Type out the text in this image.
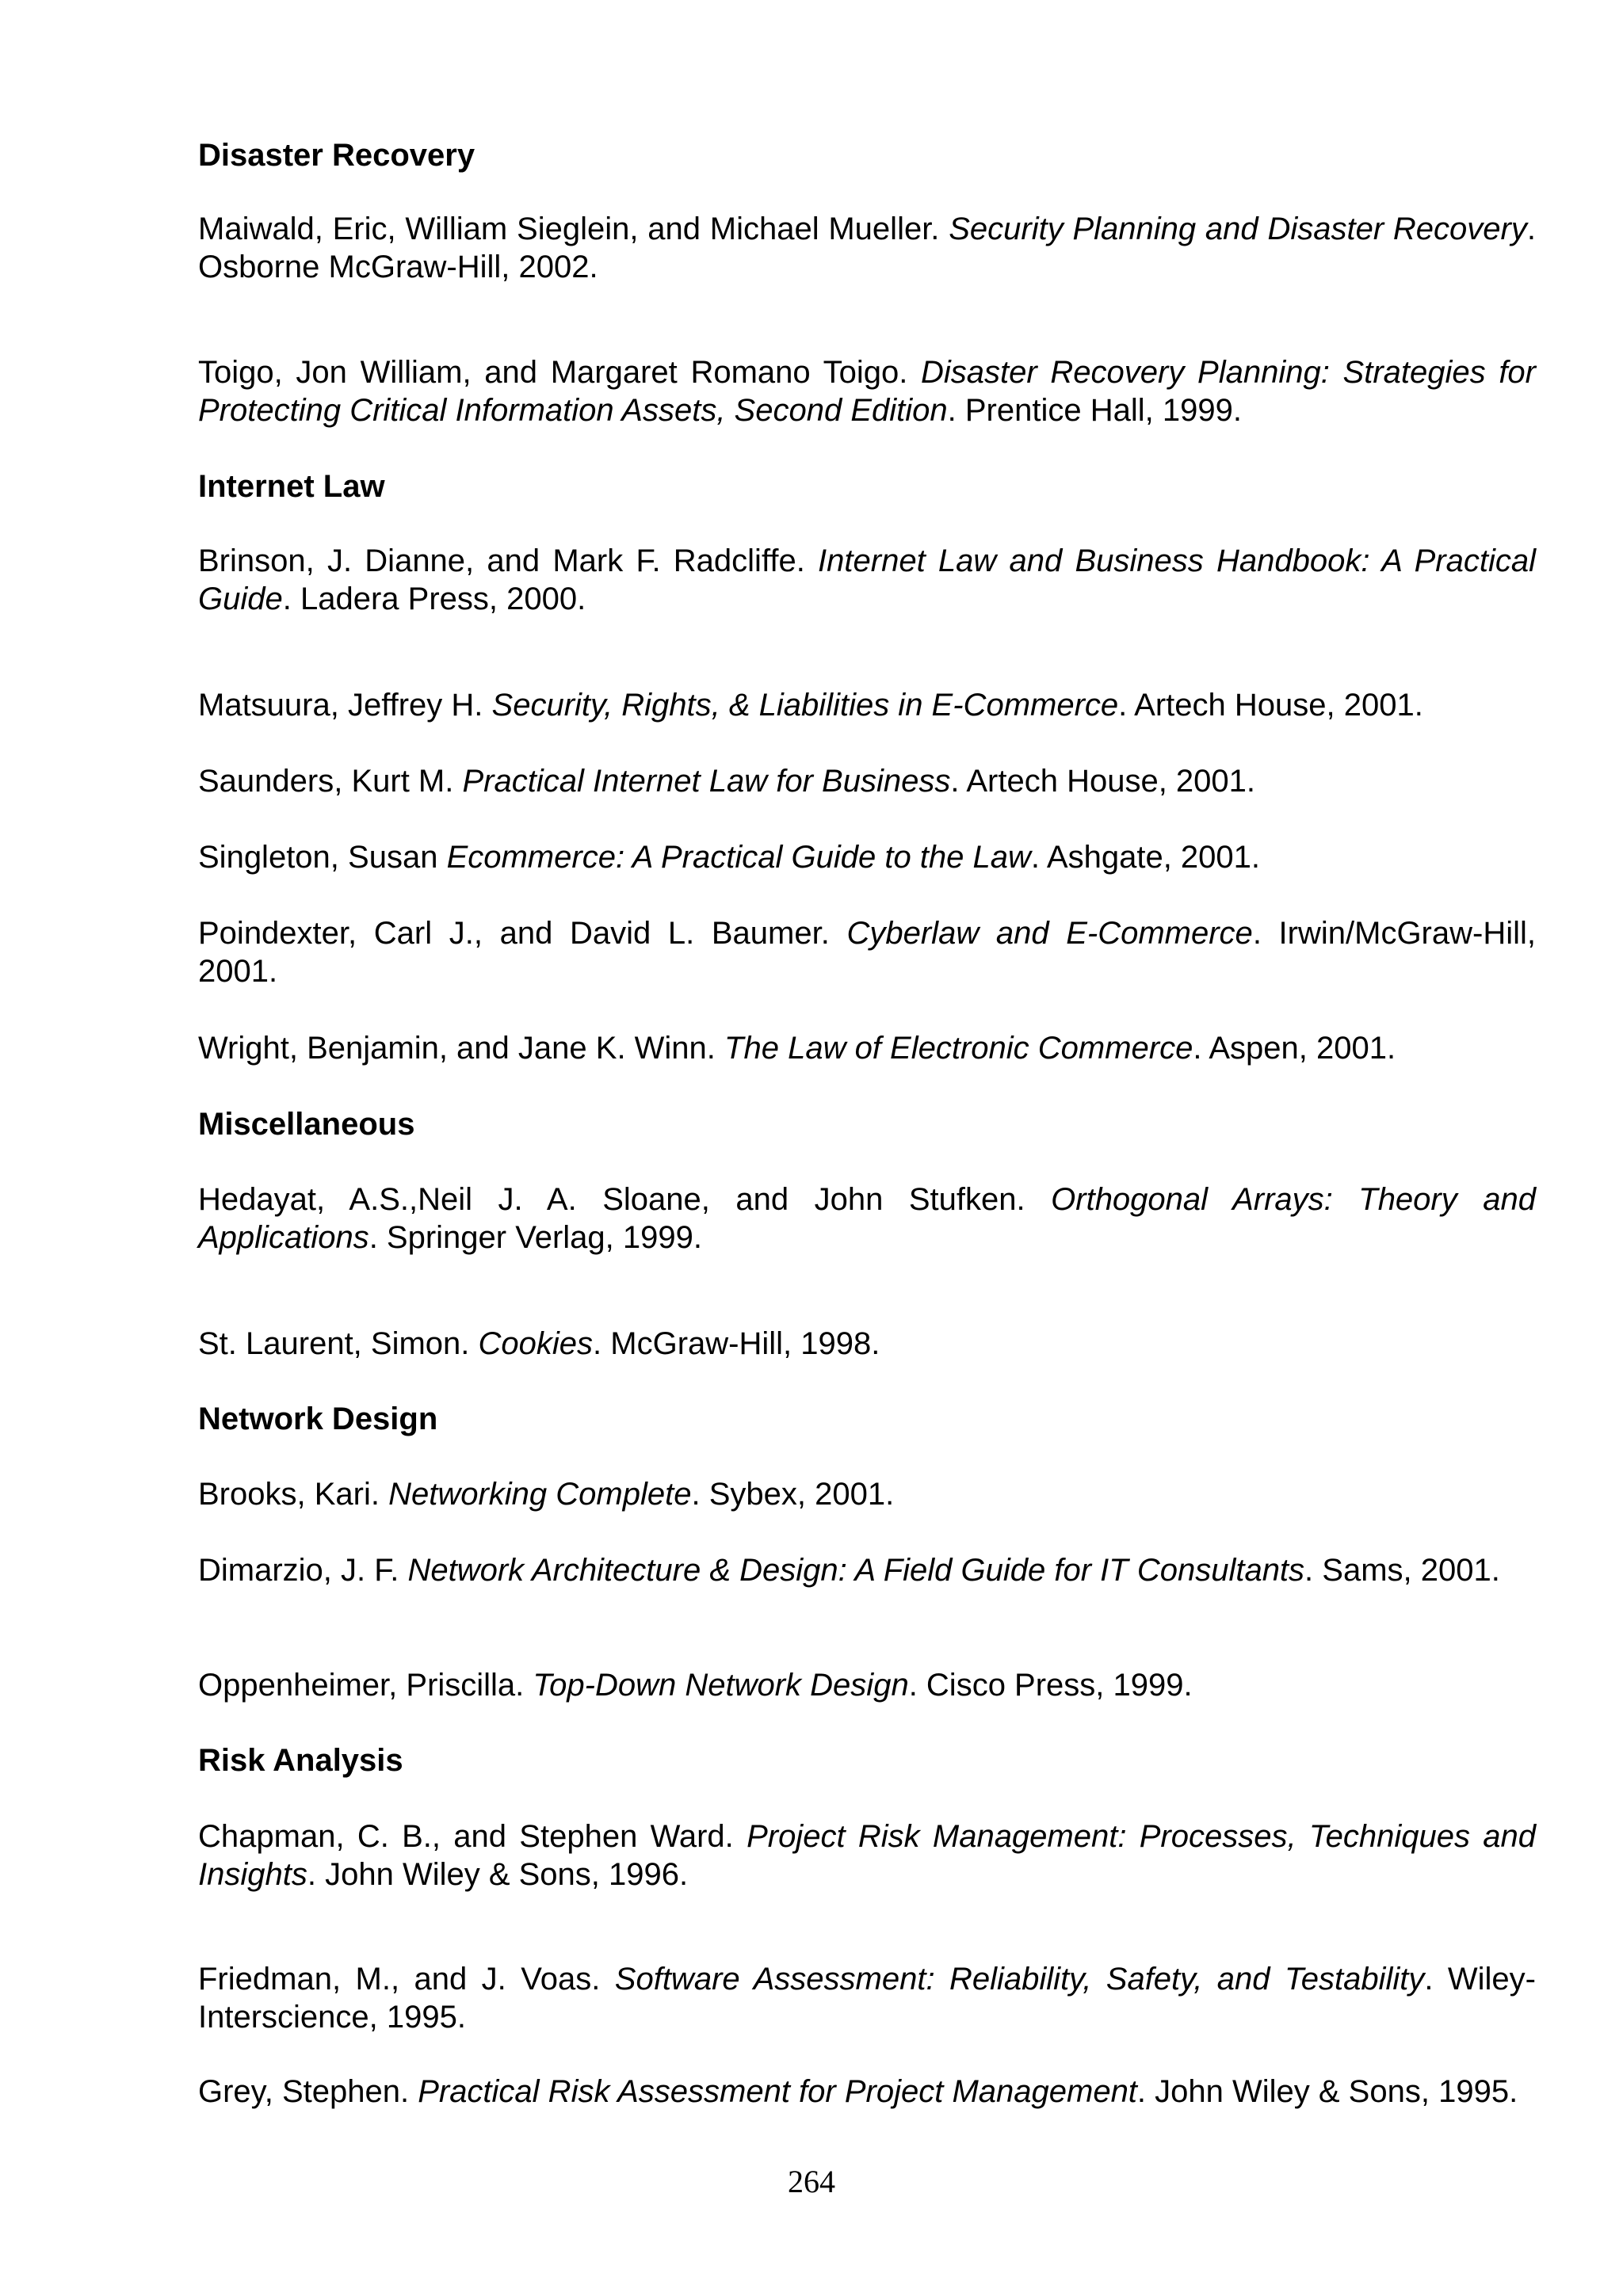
Disaster Recovery

Maiwald, Eric, William Sieglein, and Michael Mueller. Security Planning and Disaster Recovery. Osborne McGraw-Hill, 2002.

Toigo, Jon William, and Margaret Romano Toigo. Disaster Recovery Planning: Strategies for Protecting Critical Information Assets, Second Edition. Prentice Hall, 1999.

Internet Law

Brinson, J. Dianne, and Mark F. Radcliffe. Internet Law and Business Handbook: A Practical Guide. Ladera Press, 2000.

Matsuura, Jeffrey H. Security, Rights, & Liabilities in E-Commerce. Artech House, 2001.

Saunders, Kurt M. Practical Internet Law for Business. Artech House, 2001.

Singleton, Susan Ecommerce: A Practical Guide to the Law. Ashgate, 2001.

Poindexter, Carl J., and David L. Baumer. Cyberlaw and E-Commerce. Irwin/McGraw-Hill, 2001.

Wright, Benjamin, and Jane K. Winn. The Law of Electronic Commerce. Aspen, 2001.

Miscellaneous

Hedayat, A.S.,Neil J. A. Sloane, and John Stufken. Orthogonal Arrays: Theory and Applications. Springer Verlag, 1999.

St. Laurent, Simon. Cookies. McGraw-Hill, 1998.

Network Design

Brooks, Kari. Networking Complete. Sybex, 2001.

Dimarzio, J. F. Network Architecture & Design: A Field Guide for IT Consultants. Sams, 2001.

Oppenheimer, Priscilla. Top-Down Network Design. Cisco Press, 1999.

Risk Analysis

Chapman, C. B., and Stephen Ward. Project Risk Management: Processes, Techniques and Insights. John Wiley & Sons, 1996.

Friedman, M., and J. Voas. Software Assessment: Reliability, Safety, and Testability. Wiley-Interscience, 1995.

Grey, Stephen. Practical Risk Assessment for Project Management. John Wiley & Sons, 1995.

264
